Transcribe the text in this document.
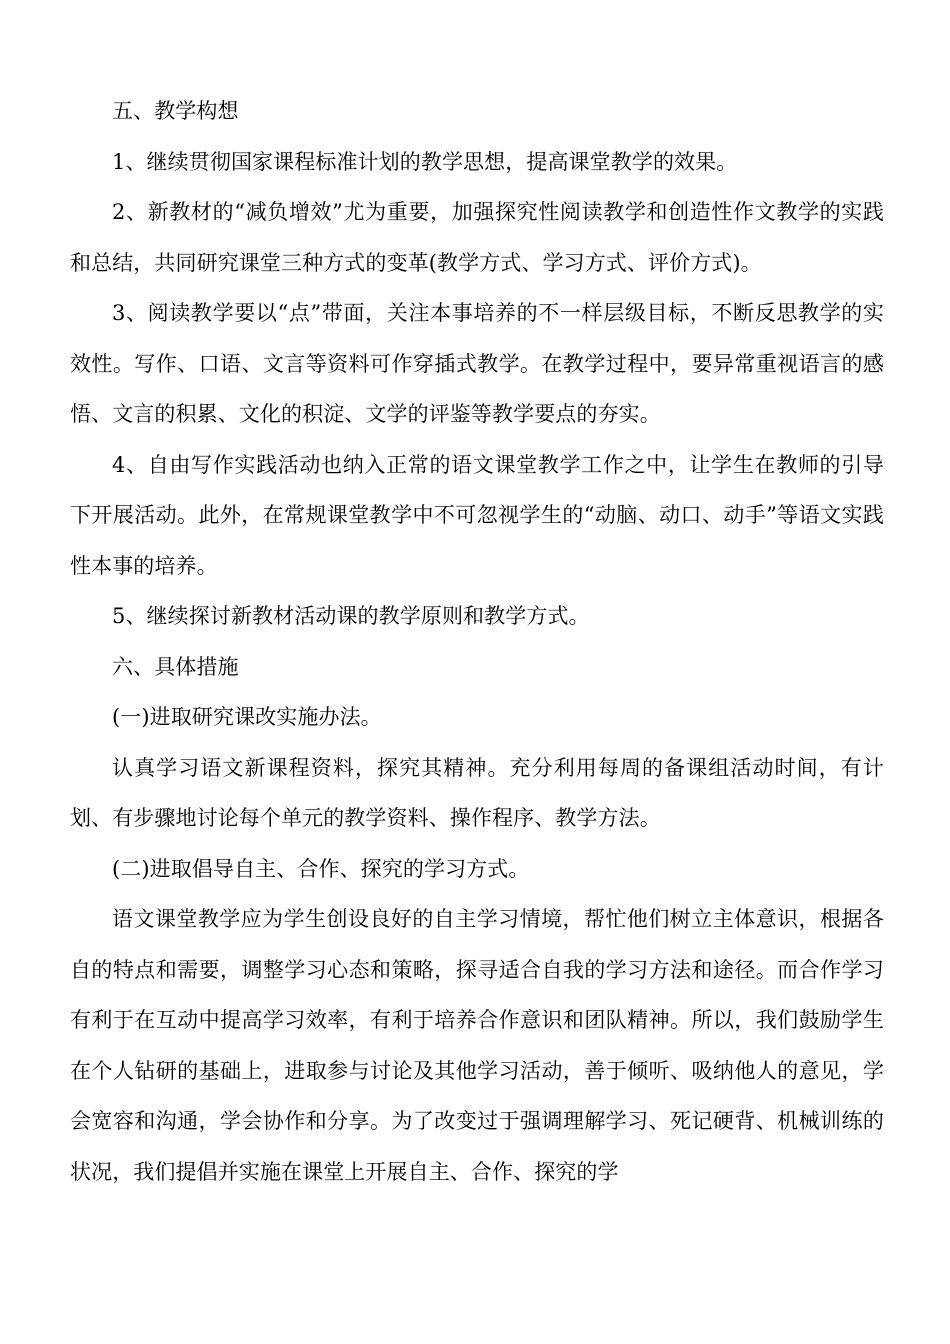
五、教学构想

1、继续贯彻国家课程标准计划的教学思想，提高课堂教学的效果。

2、新教材的“减负增效”尤为重要，加强探究性阅读教学和创造性作文教学的实践和总结，共同研究课堂三种方式的变革(教学方式、学习方式、评价方式)。

3、阅读教学要以“点”带面，关注本事培养的不一样层级目标，不断反思教学的实效性。写作、口语、文言等资料可作穿插式教学。在教学过程中，要异常重视语言的感悟、文言的积累、文化的积淀、文学的评鉴等教学要点的夯实。

4、自由写作实践活动也纳入正常的语文课堂教学工作之中，让学生在教师的引导下开展活动。此外，在常规课堂教学中不可忽视学生的“动脑、动口、动手”等语文实践性本事的培养。

5、继续探讨新教材活动课的教学原则和教学方式。

六、具体措施

(一)进取研究课改实施办法。

认真学习语文新课程资料，探究其精神。充分利用每周的备课组活动时间，有计划、有步骤地讨论每个单元的教学资料、操作程序、教学方法。

(二)进取倡导自主、合作、探究的学习方式。

语文课堂教学应为学生创设良好的自主学习情境，帮忙他们树立主体意识，根据各自的特点和需要，调整学习心态和策略，探寻适合自我的学习方法和途径。而合作学习有利于在互动中提高学习效率，有利于培养合作意识和团队精神。所以，我们鼓励学生在个人钻研的基础上，进取参与讨论及其他学习活动，善于倾听、吸纳他人的意见，学会宽容和沟通，学会协作和分享。为了改变过于强调理解学习、死记硬背、机械训练的状况，我们提倡并实施在课堂上开展自主、合作、探究的学
